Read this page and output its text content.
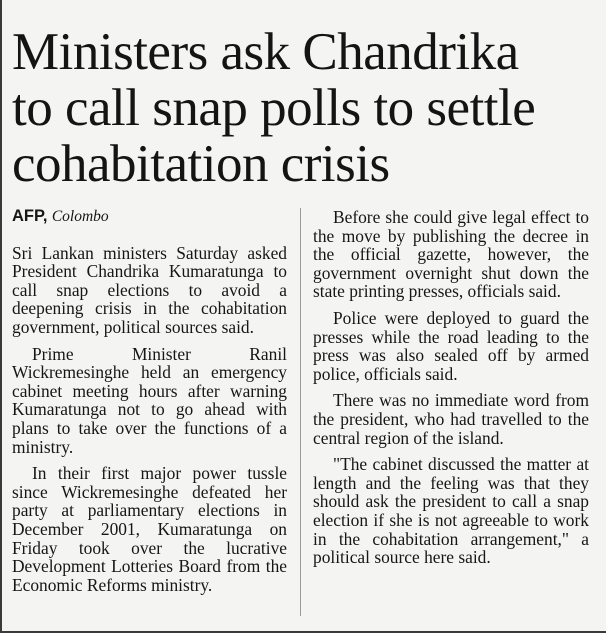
Ministers ask Chandrika
to call snap polls to settle
cohabitation crisis
AFP, Colombo

Sri Lankan ministers Saturday asked President Chandrika Kumaratunga to call snap elections to avoid a deepening crisis in the cohabitation government, political sources said.

Prime Minister Ranil Wickremesinghe held an emergency cabinet meeting hours after warning Kumaratunga not to go ahead with plans to take over the functions of a ministry.

In their first major power tussle since Wickremesinghe defeated her party at parliamentary elections in December 2001, Kumaratunga on Friday took over the lucrative Development Lotteries Board from the Economic Reforms ministry.

Before she could give legal effect to the move by publishing the decree in the official gazette, however, the government overnight shut down the state printing presses, officials said.

Police were deployed to guard the presses while the road leading to the press was also sealed off by armed police, officials said.

There was no immediate word from the president, who had travelled to the central region of the island.

"The cabinet discussed the matter at length and the feeling was that they should ask the president to call a snap election if she is not agreeable to work in the cohabitation arrangement," a political source here said.
